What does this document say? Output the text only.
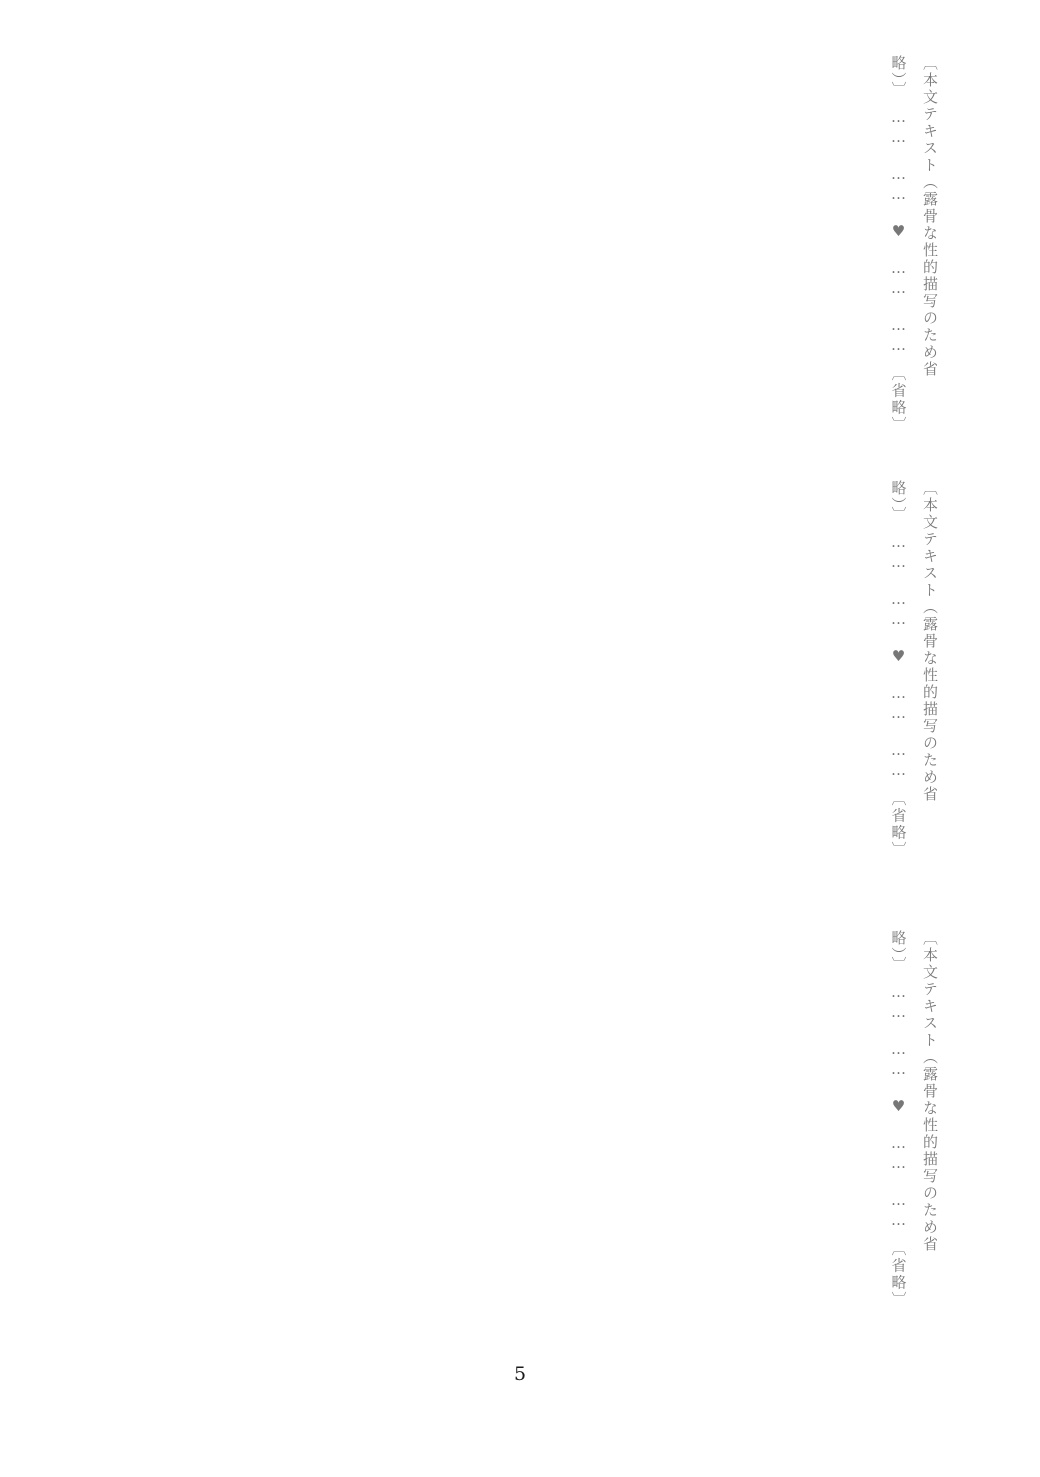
〔本文テキスト（露骨な性的描写のため省略）〕　……　……　♥　……　……　〔省略〕
〔本文テキスト（露骨な性的描写のため省略）〕　……　……　♥　……　……　〔省略〕
〔本文テキスト（露骨な性的描写のため省略）〕　……　……　♥　……　……　〔省略〕
5
